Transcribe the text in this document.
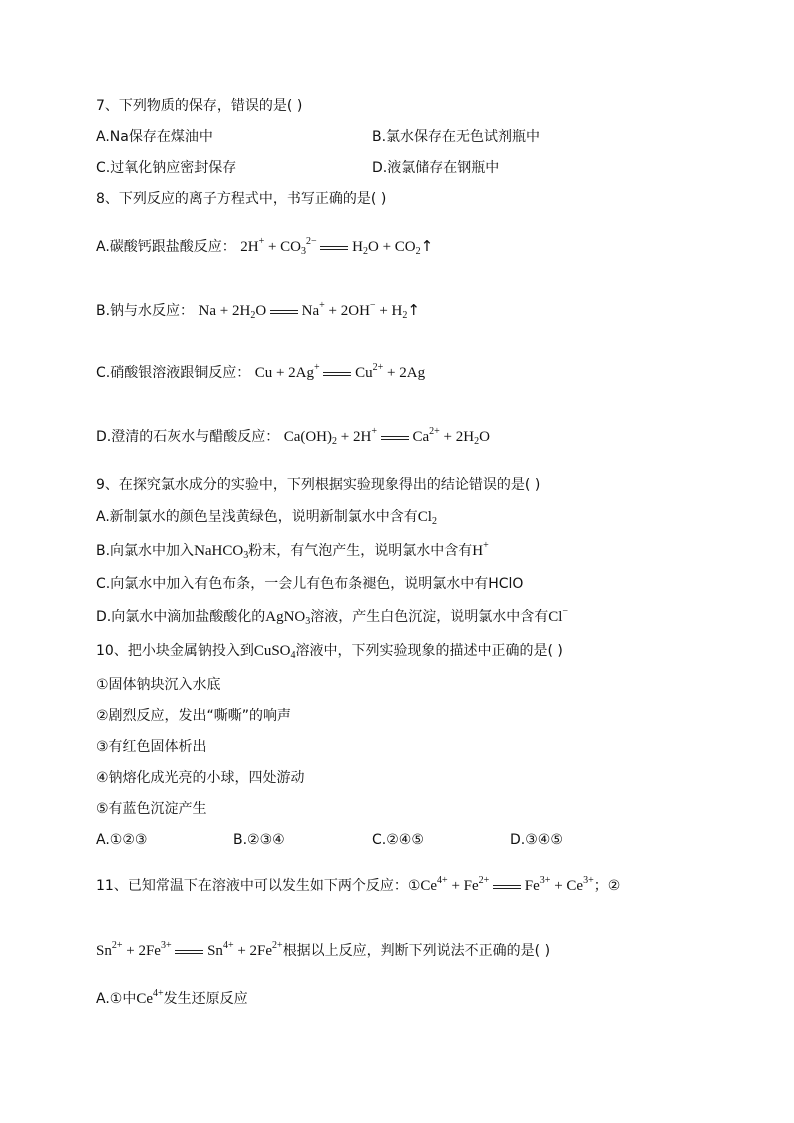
7、下列物质的保存，错误的是( )
A.Na保存在煤油中	B.氯水保存在无色试剂瓶中
C.过氧化钠应密封保存	D.液氯储存在钢瓶中
8、下列反应的离子方程式中，书写正确的是( )
A.碳酸钙跟盐酸反应： $2H^+ + CO_3^{2-}$  $H_2O$ + $CO_2↑$
B.钠与水反应： $Na + 2H_2O$  $Na^+ + 2OH^- + H_2↑$
C.硝酸银溶液跟铜反应： Cu + 2Ag+  $Cu^{2+} + 2Ag$
D.澄清的石灰水与醋酸反应： $Ca(OH)_2 + 2H^+$  $Ca^{2+} + 2H_2O$
9、在探究氯水成分的实验中，下列根据实验现象得出的结论错误的是( )
A.新制氯水的颜色呈浅黄绿色，说明新制氯水中含有$Cl_2$
B.向氯水中加入NaHCO$_3$粉末，有气泡产生，说明氯水中含有H+
C.向氯水中加入有色布条，一会儿有色布条褪色，说明氯水中有HClO
D.向氯水中滴加盐酸酸化的AgNO$_3$溶液，产生白色沉淀，说明氯水中含有Cl−
10、把小块金属钠投入到CuSO$_4$溶液中，下列实验现象的描述中正确的是( )
①固体钠块沉入水底
②剧烈反应，发出“嘶嘶”的响声
③有红色固体析出
④钠熔化成光亮的小球，四处游动
⑤有蓝色沉淀产生
A.①②③	B.②③④	C.②④⑤	D.③④⑤
11、已知常温下在溶液中可以发生如下两个反应：$①Ce^{4+} + Fe^{2+}$  $Fe^{3+} + Ce^{3+}$；②
$Sn^{2+} + 2Fe^{3+}$  $Sn^{4+} + 2Fe^{2+}$根据以上反应，判断下列说法不正确的是( )
A.①中$Ce^{4+}$发生还原反应
